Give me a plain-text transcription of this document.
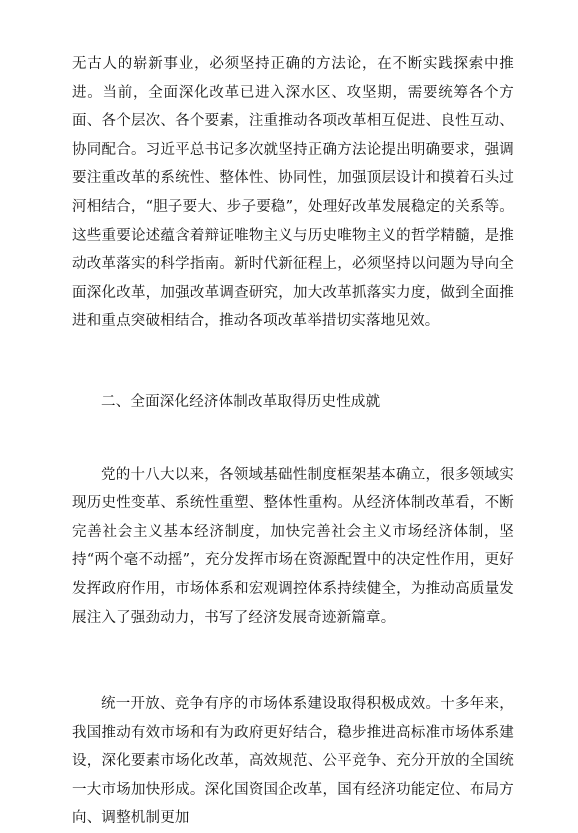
无古人的崭新事业，必须坚持正确的方法论，在不断实践探索中推进。当前，全面深化改革已进入深水区、攻坚期，需要统筹各个方面、各个层次、各个要素，注重推动各项改革相互促进、良性互动、协同配合。习近平总书记多次就坚持正确方法论提出明确要求，强调要注重改革的系统性、整体性、协同性，加强顶层设计和摸着石头过河相结合，“胆子要大、步子要稳”，处理好改革发展稳定的关系等。这些重要论述蕴含着辩证唯物主义与历史唯物主义的哲学精髓，是推动改革落实的科学指南。新时代新征程上，必须坚持以问题为导向全面深化改革，加强改革调查研究，加大改革抓落实力度，做到全面推进和重点突破相结合，推动各项改革举措切实落地见效。

二、全面深化经济体制改革取得历史性成就

党的十八大以来，各领域基础性制度框架基本确立，很多领域实现历史性变革、系统性重塑、整体性重构。从经济体制改革看，不断完善社会主义基本经济制度，加快完善社会主义市场经济体制，坚持“两个毫不动摇”，充分发挥市场在资源配置中的决定性作用，更好发挥政府作用，市场体系和宏观调控体系持续健全，为推动高质量发展注入了强劲动力，书写了经济发展奇迹新篇章。

统一开放、竞争有序的市场体系建设取得积极成效。十多年来，我国推动有效市场和有为政府更好结合，稳步推进高标准市场体系建设，深化要素市场化改革，高效规范、公平竞争、充分开放的全国统一大市场加快形成。深化国资国企改革，国有经济功能定位、布局方向、调整机制更加
